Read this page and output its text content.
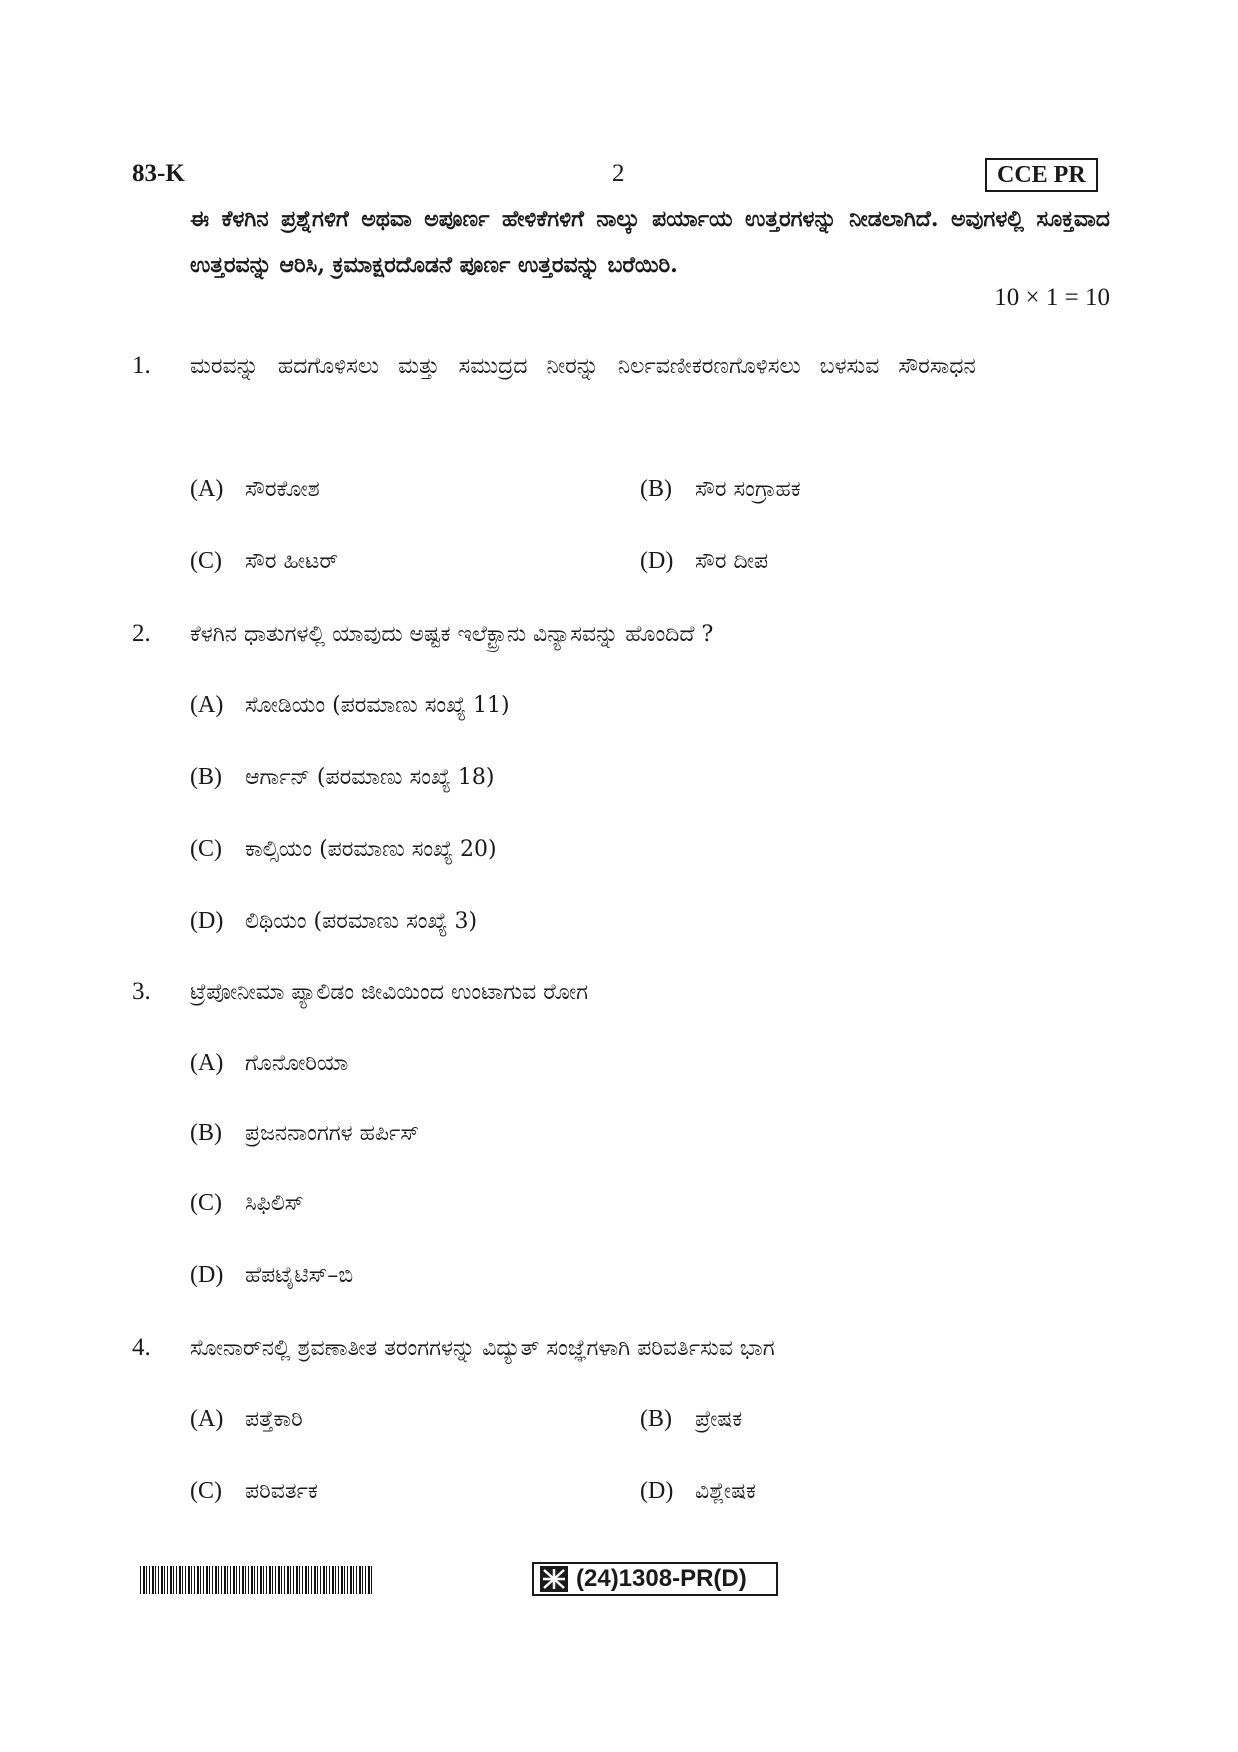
83-K	2	CCE PR
ಈ ಕೆಳಗಿನ ಪ್ರಶ್ನೆಗಳಿಗೆ ಅಥವಾ ಅಪೂರ್ಣ ಹೇಳಿಕೆಗಳಿಗೆ ನಾಲ್ಕು ಪರ್ಯಾಯ ಉತ್ತರಗಳನ್ನು ನೀಡಲಾಗಿದೆ. ಅವುಗಳಲ್ಲಿ ಸೂಕ್ತವಾದ ಉತ್ತರವನ್ನು ಆರಿಸಿ, ಕ್ರಮಾಕ್ಷರದೊಡನೆ ಪೂರ್ಣ ಉತ್ತರವನ್ನು ಬರೆಯಿರಿ.
10 × 1 = 10
1. ಮರವನ್ನು ಹದಗೊಳಿಸಲು ಮತ್ತು ಸಮುದ್ರದ ನೀರನ್ನು ನಿರ್ಲವಣೀಕರಣಗೊಳಿಸಲು ಬಳಸುವ ಸೌರಸಾಧನ
(A) ಸೌರಕೋಶ	(B) ಸೌರ ಸಂಗ್ರಾಹಕ
(C) ಸೌರ ಹೀಟರ್	(D) ಸೌರ ದೀಪ
2. ಕೆಳಗಿನ ಧಾತುಗಳಲ್ಲಿ ಯಾವುದು ಅಷ್ಟಕ ಇಲೆಕ್ಟ್ರಾನು ವಿನ್ಯಾಸವನ್ನು ಹೊಂದಿದೆ ?
(A) ಸೋಡಿಯಂ (ಪರಮಾಣು ಸಂಖ್ಯೆ 11)
(B) ಆರ್ಗಾನ್ (ಪರಮಾಣು ಸಂಖ್ಯೆ 18)
(C) ಕಾಲ್ಸಿಯಂ (ಪರಮಾಣು ಸಂಖ್ಯೆ 20)
(D) ಲಿಥಿಯಂ (ಪರಮಾಣು ಸಂಖ್ಯೆ 3)
3. ಟ್ರೆಪೋನೀಮಾ ಪ್ಯಾಲಿಡಂ ಜೀವಿಯಿಂದ ಉಂಟಾಗುವ ರೋಗ
(A) ಗೊನೋರಿಯಾ
(B) ಪ್ರಜನನಾಂಗಗಳ ಹರ್ಪಿಸ್
(C) ಸಿಫಿಲಿಸ್
(D) ಹೆಪಟೈಟಿಸ್–ಬಿ
4. ಸೋನಾರ್‌ನಲ್ಲಿ ಶ್ರವಣಾತೀತ ತರಂಗಗಳನ್ನು ವಿದ್ಯುತ್ ಸಂಜ್ಞೆಗಳಾಗಿ ಪರಿವರ್ತಿಸುವ ಭಾಗ
(A) ಪತ್ತೆಕಾರಿ	(B) ಪ್ರೇಷಕ
(C) ಪರಿವರ್ತಕ	(D) ವಿಶ್ಲೇಷಕ
(24)1308-PR(D)
